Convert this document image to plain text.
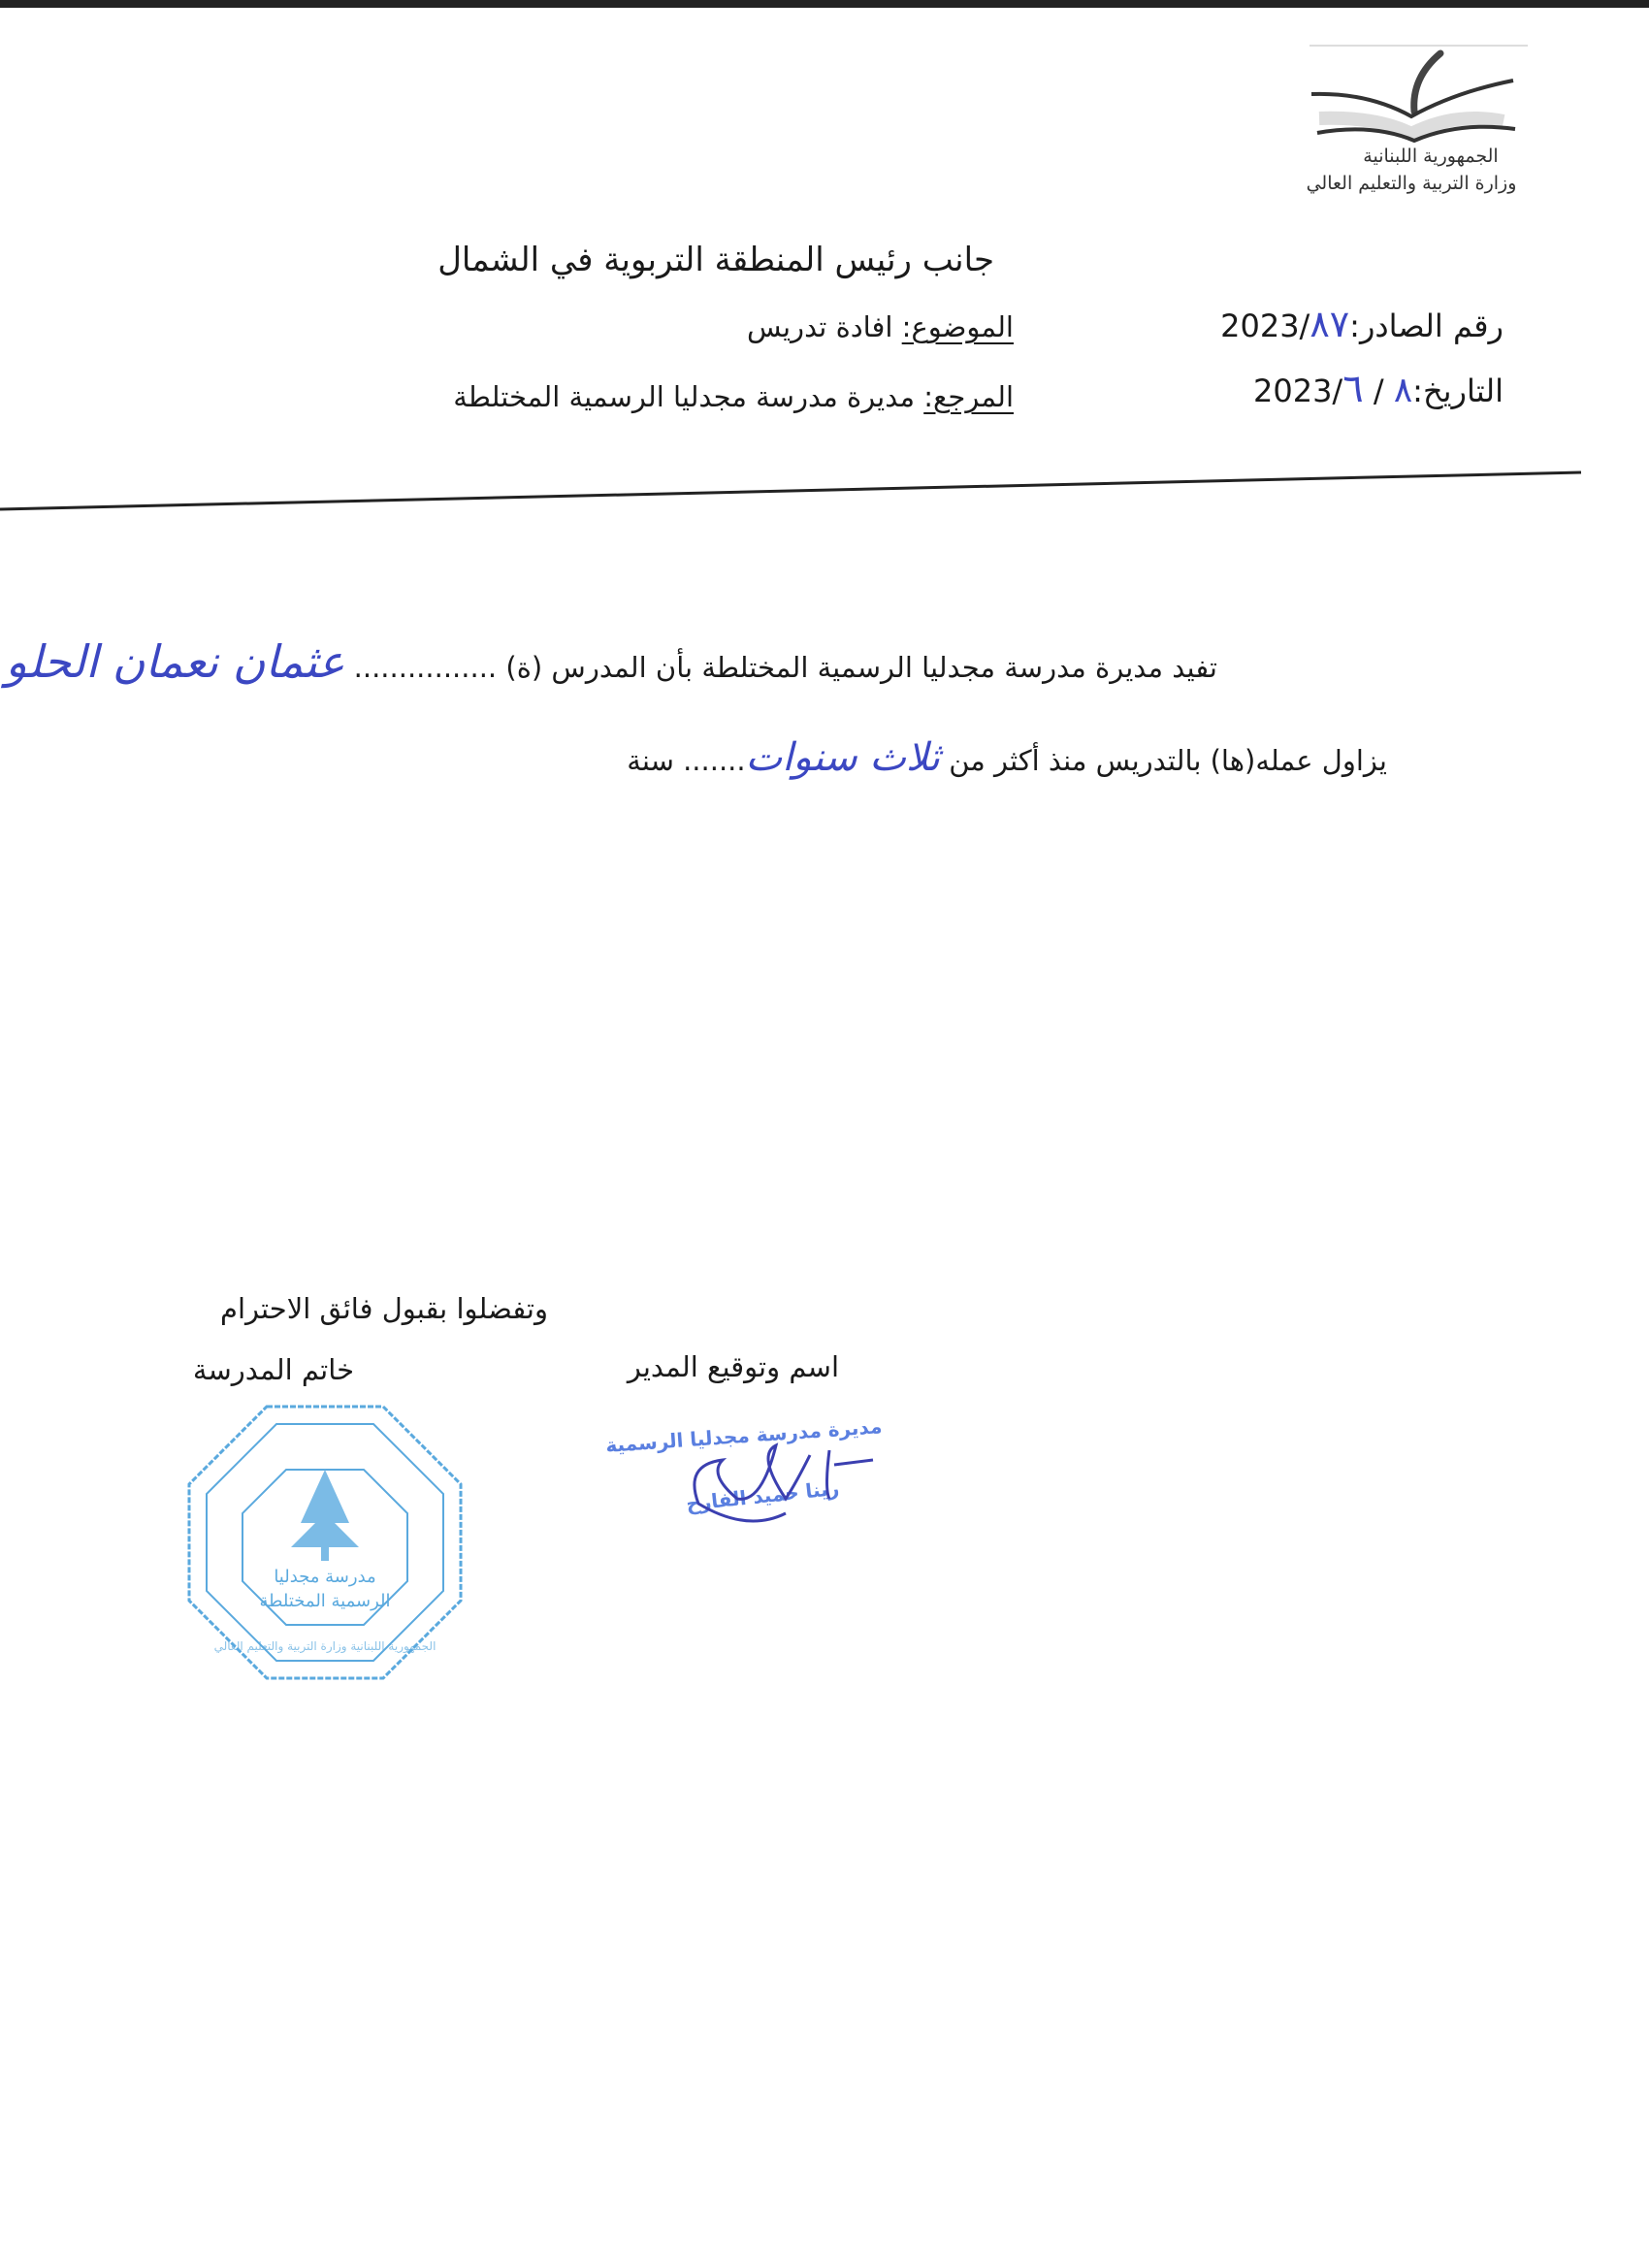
الجمهورية اللبنانية
وزارة التربية والتعليم العالي
جانب رئيس المنطقة التربوية في الشمال
رقم الصادر:٨٧2023/
التاريخ:٨ / ٦2023/
الموضوع: افادة تدريس
المرجع: مديرة مدرسة مجدليا الرسمية المختلطة
تفيد مديرة مدرسة مجدليا الرسمية المختلطة بأن المدرس (ة) ................ عثمان نعمان الحلو
يزاول عمله(ها) بالتدريس منذ أكثر من ثلاث سنوات....... سنة
وتفضلوا بقبول فائق الاحترام
اسم وتوقيع المدير
خاتم المدرسة
مديرة مدرسة مجدليا الرسمية
رينا حميد الفارح
مدرسة مجدليا
الرسمية المختلطة
الجمهورية اللبنانية وزارة التربية والتعليم العالي
